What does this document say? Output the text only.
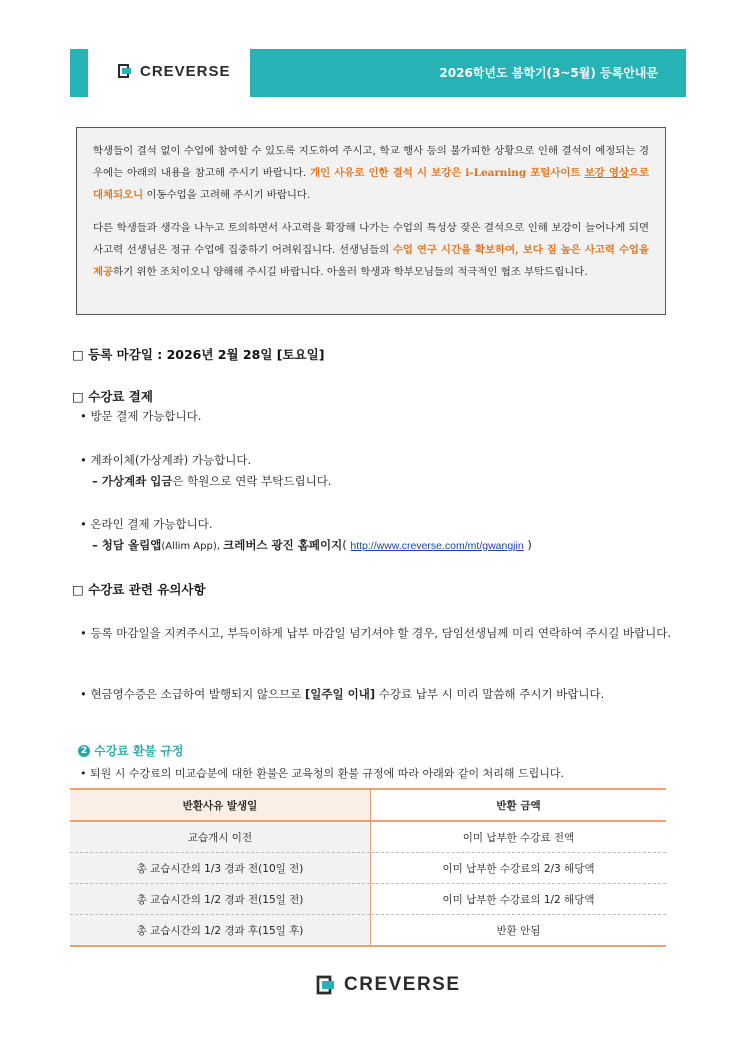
CREVERSE	2026학년도 봄학기(3~5월) 등록안내문

학생들이 결석 없이 수업에 참여할 수 있도록 지도하여 주시고, 학교 행사 등의 불가피한 상황으로 인해 결석이 예정되는 경우에는 아래의 내용을 참고해 주시기 바랍니다. 개인 사유로 인한 결석 시 보강은 i-Learning 포털사이트 보강 영상으로 대체되오니 이동수업을 고려해 주시기 바랍니다.

다른 학생들과 생각을 나누고 토의하면서 사고력을 확장해 나가는 수업의 특성상 잦은 결석으로 인해 보강이 늘어나게 되면 사고력 선생님은 정규 수업에 집중하기 어려워집니다. 선생님들의 수업 연구 시간을 확보하여, 보다 질 높은 사고력 수업을 제공하기 위한 조치이오니 양해해 주시길 바랍니다. 아울러 학생과 학부모님들의 적극적인 협조 부탁드립니다.

□ 등록 마감일 : 2026년 2월 28일 [토요일]
□ 수강료 결제
• 방문 결제 가능합니다.
• 계좌이체(가상계좌) 가능합니다.
– 가상계좌 입금은 학원으로 연락 부탁드립니다.
• 온라인 결제 가능합니다.
– 청담 올림앱(Allim App), 크레버스 광진 홈페이지( http://www.creverse.com/mt/gwangjin )
□ 수강료 관련 유의사항
• 등록 마감일을 지켜주시고, 부득이하게 납부 마감일 넘기셔야 할 경우, 담임선생님께 미리 연락하여 주시길 바랍니다.
• 현금영수증은 소급하여 발행되지 않으므로 [일주일 이내] 수강료 납부 시 미리 말씀해 주시기 바랍니다.
2 수강료 환불 규정
• 퇴원 시 수강료의 미교습분에 대한 환불은 교육청의 환불 규정에 따라 아래와 같이 처리해 드립니다.
반환사유 발생일	반환 금액
교습개시 이전	이미 납부한 수강료 전액
총 교습시간의 1/3 경과 전(10일 전)	이미 납부한 수강료의 2/3 해당액
총 교습시간의 1/2 경과 전(15일 전)	이미 납부한 수강료의 1/2 해당액
총 교습시간의 1/2 경과 후(15일 후)	반환 안됨
CREVERSE
